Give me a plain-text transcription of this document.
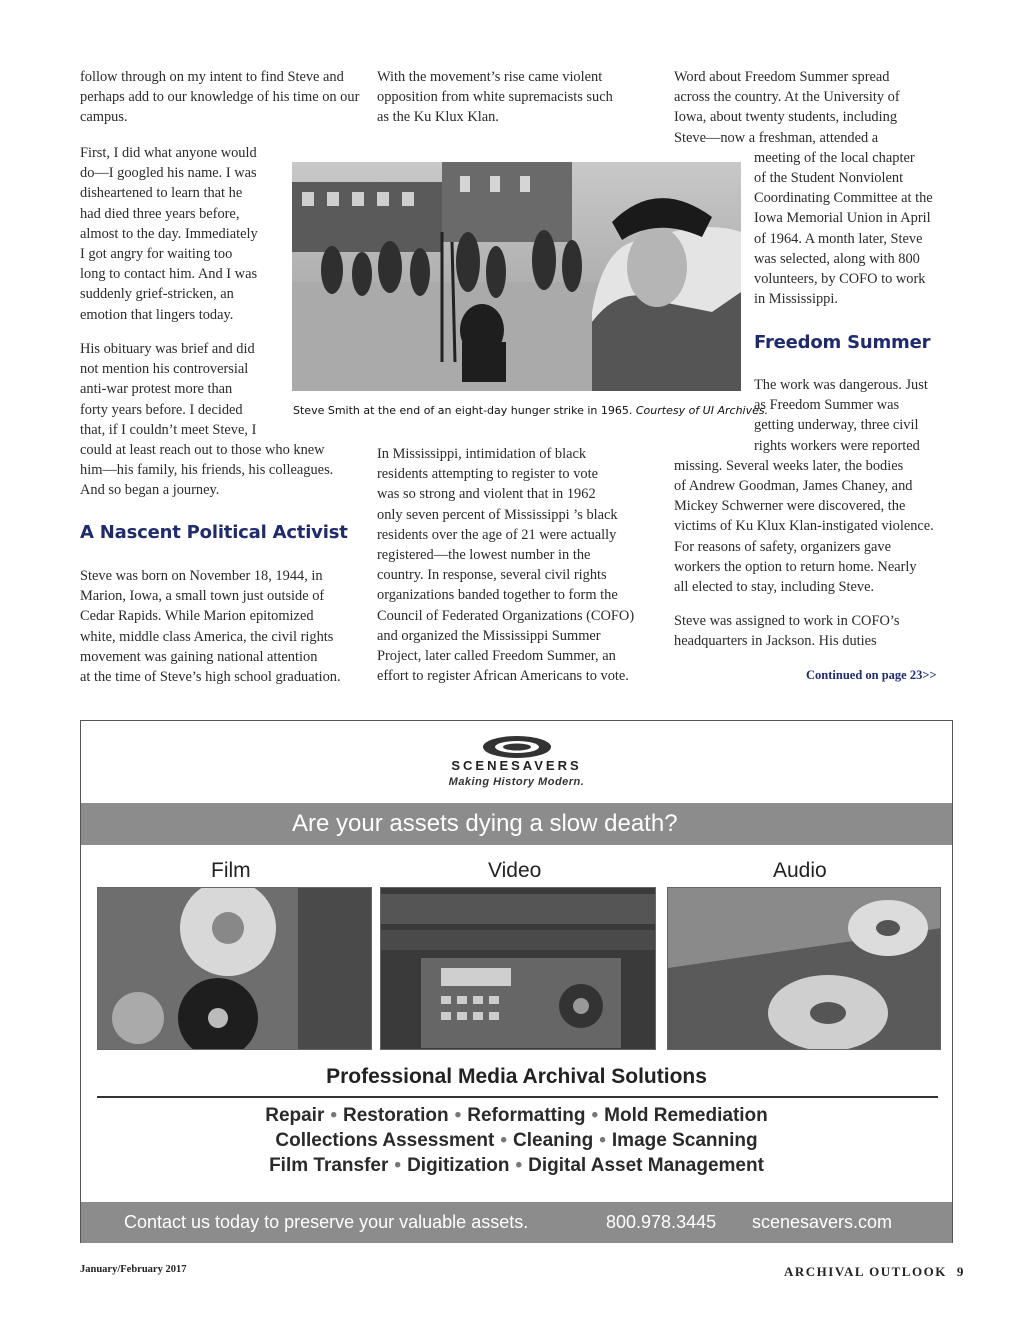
follow through on my intent to find Steve and perhaps add to our knowledge of his time on our campus.

First, I did what anyone would
do—I googled his name. I was
disheartened to learn that he
had died three years before,
almost to the day. Immediately
I got angry for waiting too
long to contact him. And I was
suddenly grief-stricken, an
emotion that lingers today.
His obituary was brief and did
not mention his controversial
anti-war protest more than
forty years before. I decided
that, if I couldn’t meet Steve, I
could at least reach out to those who knew
him—his family, his friends, his colleagues.
And so began a journey.
A Nascent Political Activist
Steve was born on November 18, 1944, in
Marion, Iowa, a small town just outside of
Cedar Rapids. While Marion epitomized
white, middle class America, the civil rights
movement was gaining national attention
at the time of Steve’s high school graduation.
With the movement’s rise came violent
opposition from white supremacists such
as the Ku Klux Klan.
Steve Smith at the end of an eight-day hunger strike in 1965. Courtesy of UI Archives.
In Mississippi, intimidation of black
residents attempting to register to vote
was so strong and violent that in 1962
only seven percent of Mississippi ’s black
residents over the age of 21 were actually
registered—the lowest number in the
country. In response, several civil rights
organizations banded together to form the
Council of Federated Organizations (COFO)
and organized the Mississippi Summer
Project, later called Freedom Summer, an
effort to register African Americans to vote.
Word about Freedom Summer spread
across the country. At the University of
Iowa, about twenty students, including
Steve—now a freshman, attended a
meeting of the local chapter
of the Student Nonviolent
Coordinating Committee at the
Iowa Memorial Union in April
of 1964. A month later, Steve
was selected, along with 800
volunteers, by COFO to work
in Mississippi.
Freedom Summer
The work was dangerous. Just
as Freedom Summer was
getting underway, three civil
rights workers were reported
missing. Several weeks later, the bodies
of Andrew Goodman, James Chaney, and
Mickey Schwerner were discovered, the
victims of Ku Klux Klan-instigated violence.
For reasons of safety, organizers gave
workers the option to return home. Nearly
all elected to stay, including Steve.
Steve was assigned to work in COFO’s
headquarters in Jackson. His duties
Continued on page 23>>
SCENESAVERS
Making History Modern.
Are your assets dying a slow death?
Film	Video	Audio
Professional Media Archival Solutions
Repair • Restoration • Reformatting • Mold Remediation
Collections Assessment • Cleaning • Image Scanning
Film Transfer • Digitization • Digital Asset Management
Contact us today to preserve your valuable assets.	800.978.3445 scenesavers.com
January/February 2017	ARCHIVAL OUTLOOK 9
